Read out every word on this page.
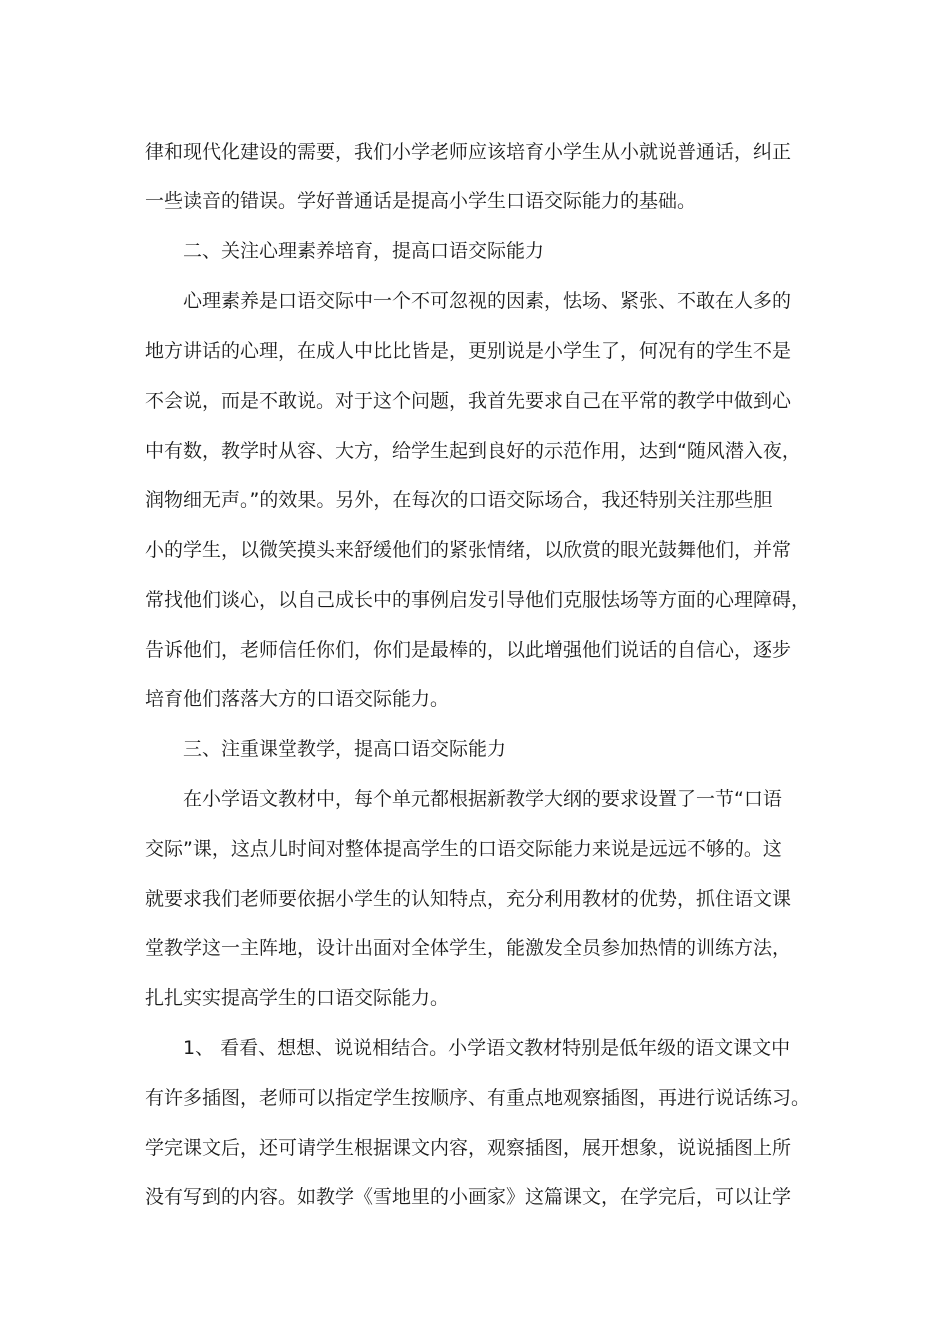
律和现代化建设的需要，我们小学老师应该培育小学生从小就说普通话，纠正
一些读音的错误。学好普通话是提高小学生口语交际能力的基础。
二、关注心理素养培育，提高口语交际能力
心理素养是口语交际中一个不可忽视的因素，怯场、紧张、不敢在人多的
地方讲话的心理，在成人中比比皆是，更别说是小学生了，何况有的学生不是
不会说，而是不敢说。对于这个问题，我首先要求自己在平常的教学中做到心
中有数，教学时从容、大方，给学生起到良好的示范作用，达到“随风潜入夜，
润物细无声。”的效果。另外，在每次的口语交际场合，我还特别关注那些胆
小的学生，以微笑摸头来舒缓他们的紧张情绪，以欣赏的眼光鼓舞他们，并常
常找他们谈心，以自己成长中的事例启发引导他们克服怯场等方面的心理障碍，
告诉他们，老师信任你们，你们是最棒的，以此增强他们说话的自信心，逐步
培育他们落落大方的口语交际能力。
三、注重课堂教学，提高口语交际能力
在小学语文教材中，每个单元都根据新教学大纲的要求设置了一节“口语
交际”课，这点儿时间对整体提高学生的口语交际能力来说是远远不够的。这
就要求我们老师要依据小学生的认知特点，充分利用教材的优势，抓住语文课
堂教学这一主阵地，设计出面对全体学生，能激发全员参加热情的训练方法，
扎扎实实提高学生的口语交际能力。
1、 看看、想想、说说相结合。小学语文教材特别是低年级的语文课文中
有许多插图，老师可以指定学生按顺序、有重点地观察插图，再进行说话练习。
学完课文后，还可请学生根据课文内容，观察插图，展开想象，说说插图上所
没有写到的内容。如教学《雪地里的小画家》这篇课文，在学完后，可以让学
